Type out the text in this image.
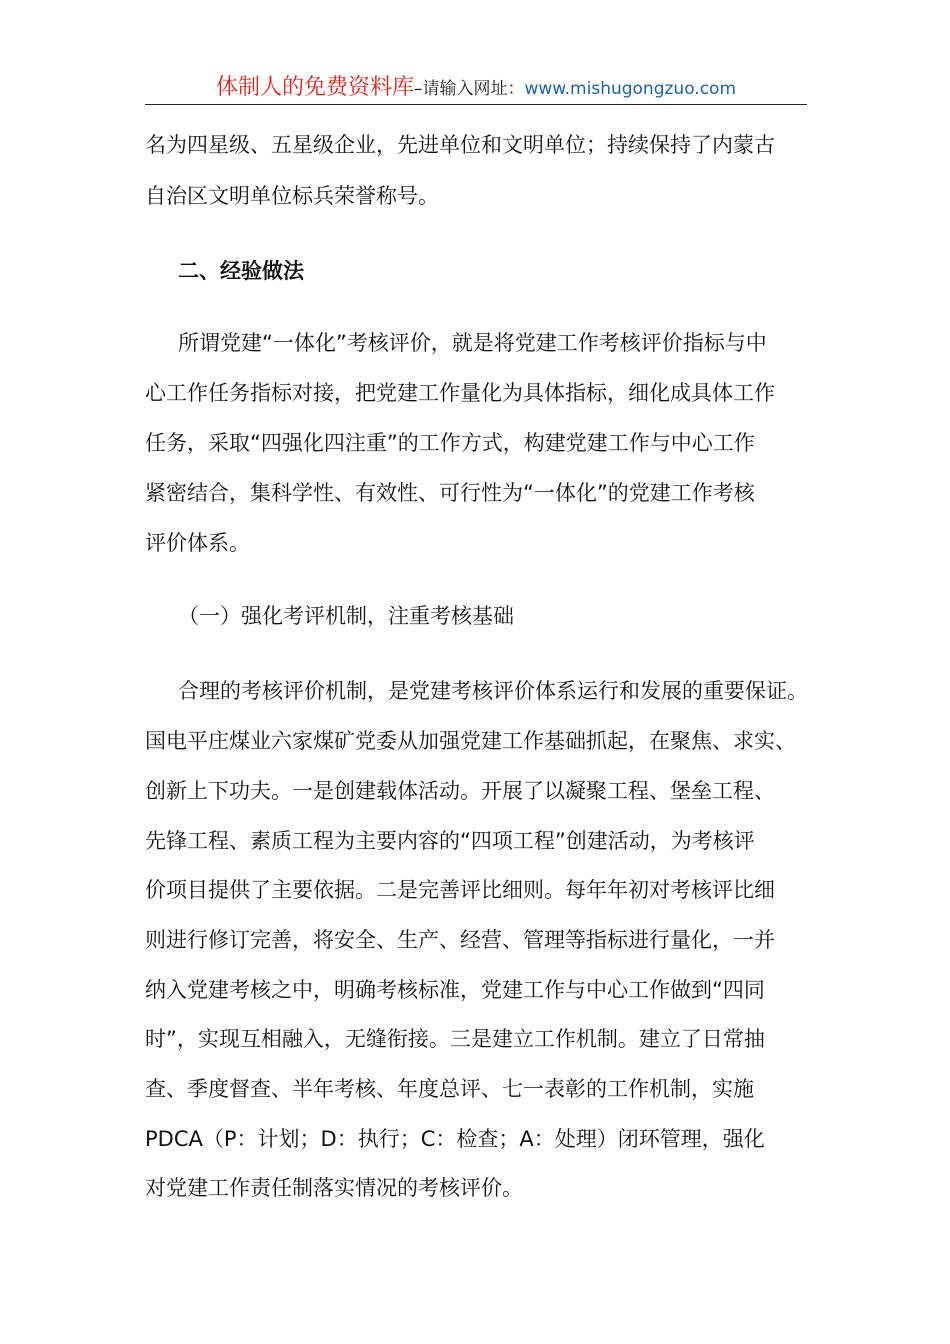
体制人的免费资料库–请输入网址：www.mishugongzuo.com
名为四星级、五星级企业，先进单位和文明单位；持续保持了内蒙古
自治区文明单位标兵荣誉称号。
二、经验做法
所谓党建“一体化”考核评价，就是将党建工作考核评价指标与中
心工作任务指标对接，把党建工作量化为具体指标，细化成具体工作
任务，采取“四强化四注重”的工作方式，构建党建工作与中心工作
紧密结合，集科学性、有效性、可行性为“一体化”的党建工作考核
评价体系。
（一）强化考评机制，注重考核基础
合理的考核评价机制，是党建考核评价体系运行和发展的重要保证。
国电平庄煤业六家煤矿党委从加强党建工作基础抓起，在聚焦、求实、
创新上下功夫。一是创建载体活动。开展了以凝聚工程、堡垒工程、
先锋工程、素质工程为主要内容的“四项工程”创建活动，为考核评
价项目提供了主要依据。二是完善评比细则。每年年初对考核评比细
则进行修订完善，将安全、生产、经营、管理等指标进行量化，一并
纳入党建考核之中，明确考核标准，党建工作与中心工作做到“四同
时”，实现互相融入，无缝衔接。三是建立工作机制。建立了日常抽
查、季度督查、半年考核、年度总评、七一表彰的工作机制，实施
PDCA（P：计划；D：执行；C：检查；A：处理）闭环管理，强化
对党建工作责任制落实情况的考核评价。
